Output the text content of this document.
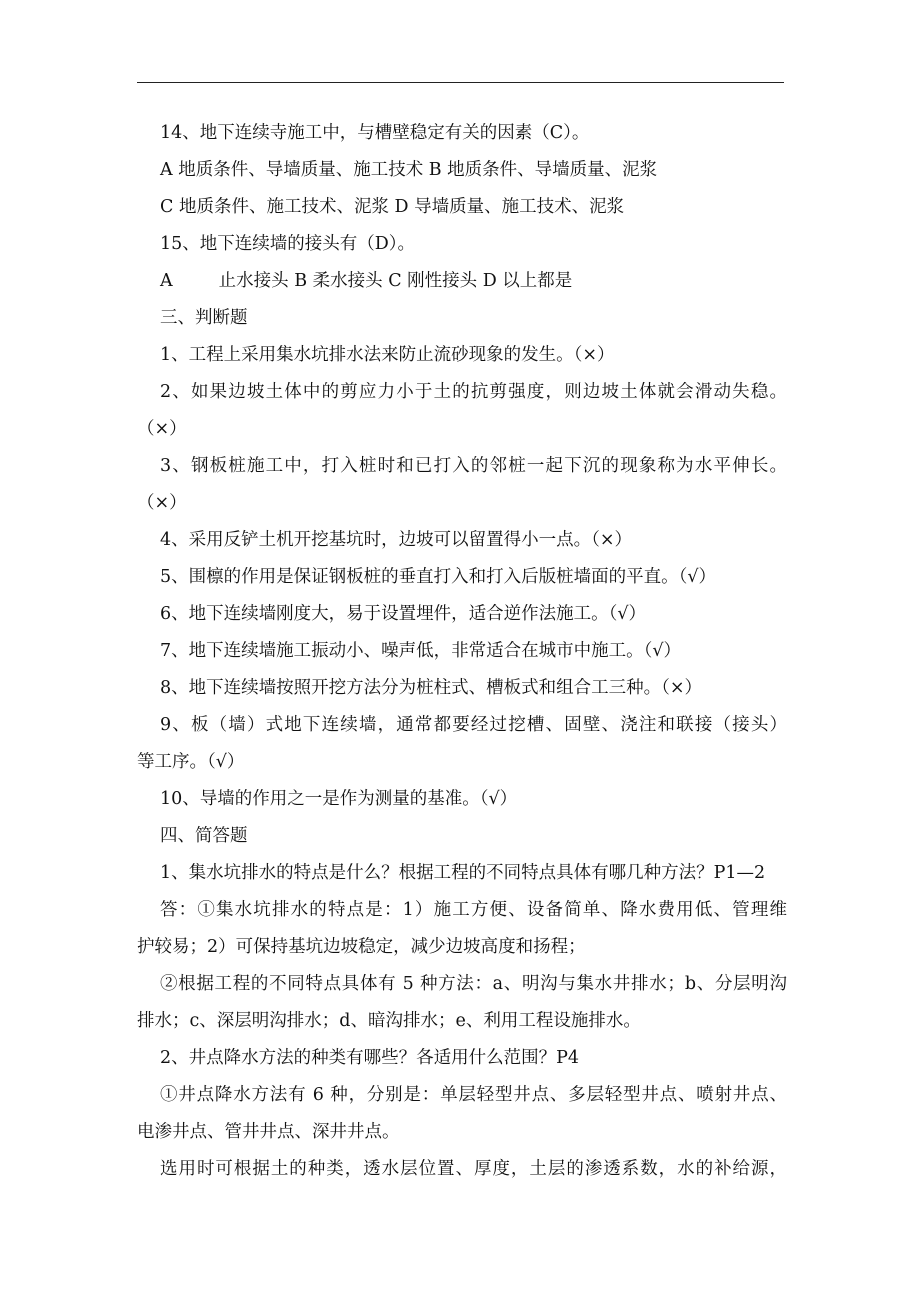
14、地下连续寺施工中，与槽壁稳定有关的因素（C）。
A 地质条件、导墙质量、施工技术 B 地质条件、导墙质量、泥浆
C 地质条件、施工技术、泥浆 D 导墙质量、施工技术、泥浆
15、地下连续墙的接头有（D）。
A	止水接头 B 柔水接头 C 刚性接头 D 以上都是
三、判断题
1、工程上采用集水坑排水法来防止流砂现象的发生。（×）
2、如果边坡土体中的剪应力小于土的抗剪强度，则边坡土体就会滑动失稳。
（×）
3、钢板桩施工中，打入桩时和已打入的邻桩一起下沉的现象称为水平伸长。
（×）
4、采用反铲土机开挖基坑时，边坡可以留置得小一点。（×）
5、围檩的作用是保证钢板桩的垂直打入和打入后版桩墙面的平直。（√）
6、地下连续墙刚度大，易于设置埋件，适合逆作法施工。（√）
7、地下连续墙施工振动小、噪声低，非常适合在城市中施工。（√）
8、地下连续墙按照开挖方法分为桩柱式、槽板式和组合工三种。（×）
9、板（墙）式地下连续墙，通常都要经过挖槽、固壁、浇注和联接（接头）
等工序。（√）
10、导墙的作用之一是作为测量的基准。（√）
四、简答题
1、集水坑排水的特点是什么？根据工程的不同特点具体有哪几种方法？P1—2
答：①集水坑排水的特点是：1）施工方便、设备简单、降水费用低、管理维
护较易；2）可保持基坑边坡稳定，减少边坡高度和扬程；
②根据工程的不同特点具体有 5 种方法：a、明沟与集水井排水；b、分层明沟
排水；c、深层明沟排水；d、暗沟排水；e、利用工程设施排水。
2、井点降水方法的种类有哪些？各适用什么范围？P4
①井点降水方法有 6 种，分别是：单层轻型井点、多层轻型井点、喷射井点、
电渗井点、管井井点、深井井点。
选用时可根据土的种类，透水层位置、厚度，土层的渗透系数，水的补给源，
